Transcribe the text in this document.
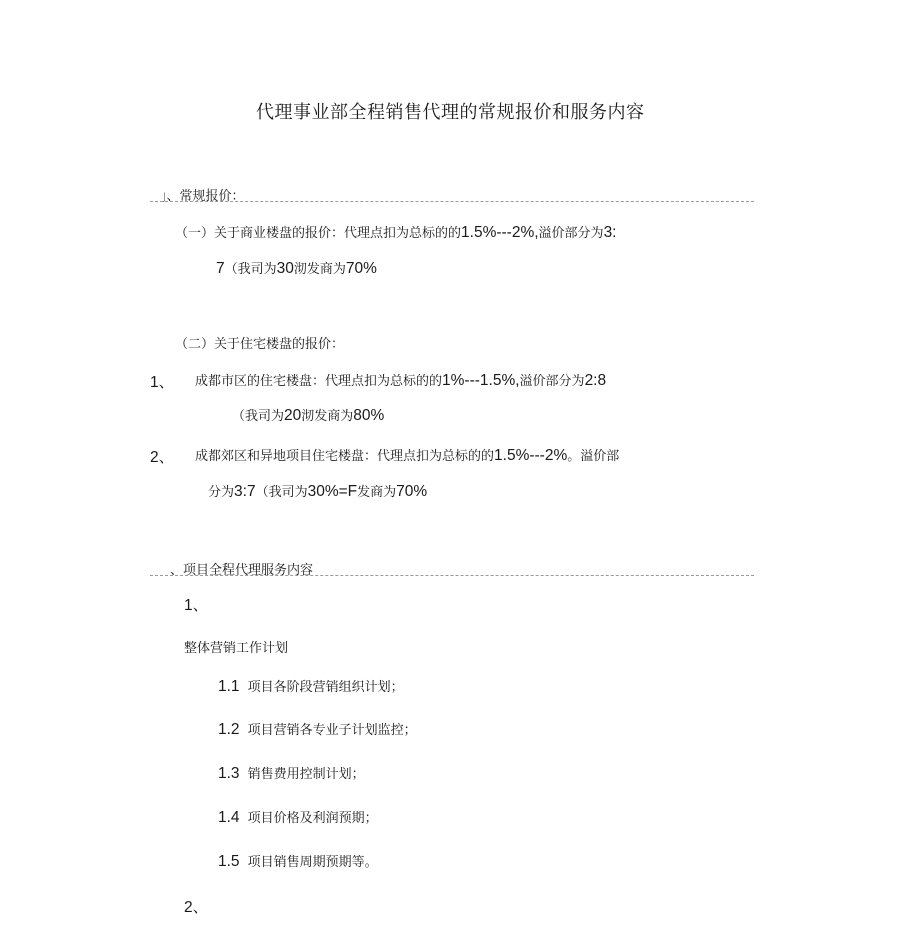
代理事业部全程销售代理的常规报价和服务内容
」、常规报价：
（一）关于商业楼盘的报价：代理点扣为总标的的 1.5%---2%, 溢价部分为 3:
7 （我司为 30 沏发商为 70%
（二）关于住宅楼盘的报价：
1、 成都市区的住宅楼盘：代理点扣为总标的的 1%---1.5%, 溢价部分为 2:8
（我司为 20 沏发商为 80%
2、 成都郊区和异地项目住宅楼盘：代理点扣为总标的的 1.5%---2% 。溢价部
分为 3:7 （我司为 30%=F 发商为 70%
、项目全程代理服务内容
1、
整体营销工作计划
1.1 项目各阶段营销组织计划；
1.2 项目营销各专业子计划监控；
1.3 销售费用控制计划；
1.4 项目价格及利润预期；
1.5 项目销售周期预期等。
2、
